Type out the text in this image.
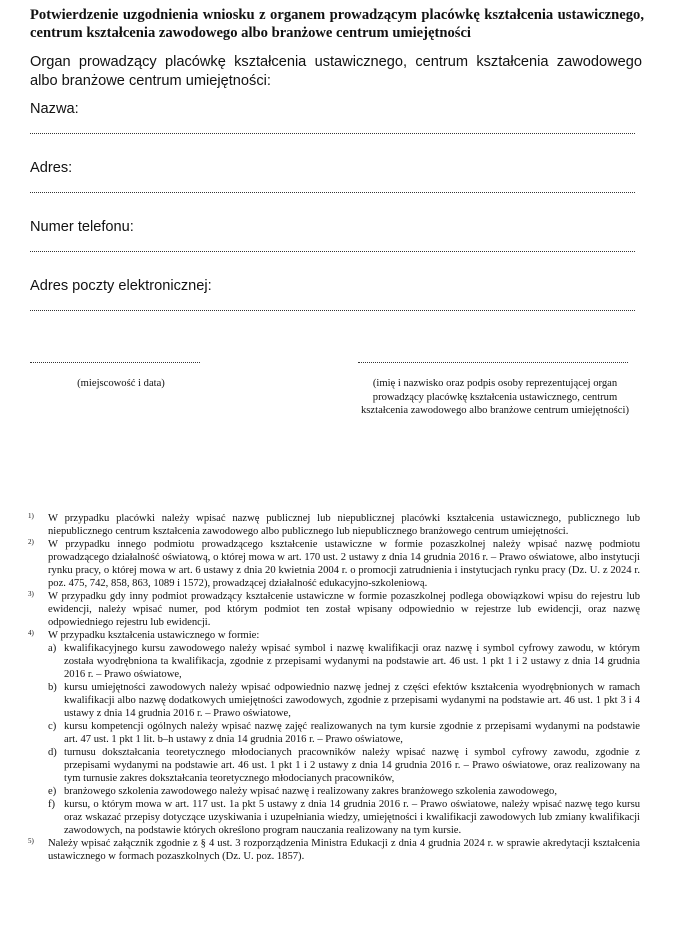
Potwierdzenie uzgodnienia wniosku z organem prowadzącym placówkę kształcenia ustawicznego, centrum kształcenia zawodowego albo branżowe centrum umiejętności
Organ prowadzący placówkę kształcenia ustawicznego, centrum kształcenia zawodowego albo branżowe centrum umiejętności:
Nazwa:
Adres:
Numer telefonu:
Adres poczty elektronicznej:
(miejscowość i data)	(imię i nazwisko oraz podpis osoby reprezentującej organ prowadzący placówkę kształcenia ustawicznego, centrum kształcenia zawodowego albo branżowe centrum umiejętności)
1) W przypadku placówki należy wpisać nazwę publicznej lub niepublicznej placówki kształcenia ustawicznego, publicznego lub niepublicznego centrum kształcenia zawodowego albo publicznego lub niepublicznego branżowego centrum umiejętności.
2) W przypadku innego podmiotu prowadzącego kształcenie ustawiczne w formie pozaszkolnej należy wpisać nazwę podmiotu prowadzącego działalność oświatową, o której mowa w art. 170 ust. 2 ustawy z dnia 14 grudnia 2016 r. – Prawo oświatowe, albo instytucji rynku pracy, o której mowa w art. 6 ustawy z dnia 20 kwietnia 2004 r. o promocji zatrudnienia i instytucjach rynku pracy (Dz. U. z 2024 r. poz. 475, 742, 858, 863, 1089 i 1572), prowadzącej działalność edukacyjno-szkoleniową.
3) W przypadku gdy inny podmiot prowadzący kształcenie ustawiczne w formie pozaszkolnej podlega obowiązkowi wpisu do rejestru lub ewidencji, należy wpisać numer, pod którym podmiot ten został wpisany odpowiednio w rejestrze lub ewidencji, oraz nazwę odpowiedniego rejestru lub ewidencji.
4) W przypadku kształcenia ustawicznego w formie:
a) kwalifikacyjnego kursu zawodowego należy wpisać symbol i nazwę kwalifikacji oraz nazwę i symbol cyfrowy zawodu, w którym została wyodrębniona ta kwalifikacja, zgodnie z przepisami wydanymi na podstawie art. 46 ust. 1 pkt 1 i 2 ustawy z dnia 14 grudnia 2016 r. – Prawo oświatowe,
b) kursu umiejętności zawodowych należy wpisać odpowiednio nazwę jednej z części efektów kształcenia wyodrębnionych w ramach kwalifikacji albo nazwę dodatkowych umiejętności zawodowych, zgodnie z przepisami wydanymi na podstawie art. 46 ust. 1 pkt 3 i 4 ustawy z dnia 14 grudnia 2016 r. – Prawo oświatowe,
c) kursu kompetencji ogólnych należy wpisać nazwę zajęć realizowanych na tym kursie zgodnie z przepisami wydanymi na podstawie art. 47 ust. 1 pkt 1 lit. b–h ustawy z dnia 14 grudnia 2016 r. – Prawo oświatowe,
d) turnusu dokształcania teoretycznego młodocianych pracowników należy wpisać nazwę i symbol cyfrowy zawodu, zgodnie z przepisami wydanymi na podstawie art. 46 ust. 1 pkt 1 i 2 ustawy z dnia 14 grudnia 2016 r. – Prawo oświatowe, oraz realizowany na tym turnusie zakres dokształcania teoretycznego młodocianych pracowników,
e) branżowego szkolenia zawodowego należy wpisać nazwę i realizowany zakres branżowego szkolenia zawodowego,
f) kursu, o którym mowa w art. 117 ust. 1a pkt 5 ustawy z dnia 14 grudnia 2016 r. – Prawo oświatowe, należy wpisać nazwę tego kursu oraz wskazać przepisy dotyczące uzyskiwania i uzupełniania wiedzy, umiejętności i kwalifikacji zawodowych lub zmiany kwalifikacji zawodowych, na podstawie których określono program nauczania realizowany na tym kursie.
5) Należy wpisać załącznik zgodnie z § 4 ust. 3 rozporządzenia Ministra Edukacji z dnia 4 grudnia 2024 r. w sprawie akredytacji kształcenia ustawicznego w formach pozaszkolnych (Dz. U. poz. 1857).
